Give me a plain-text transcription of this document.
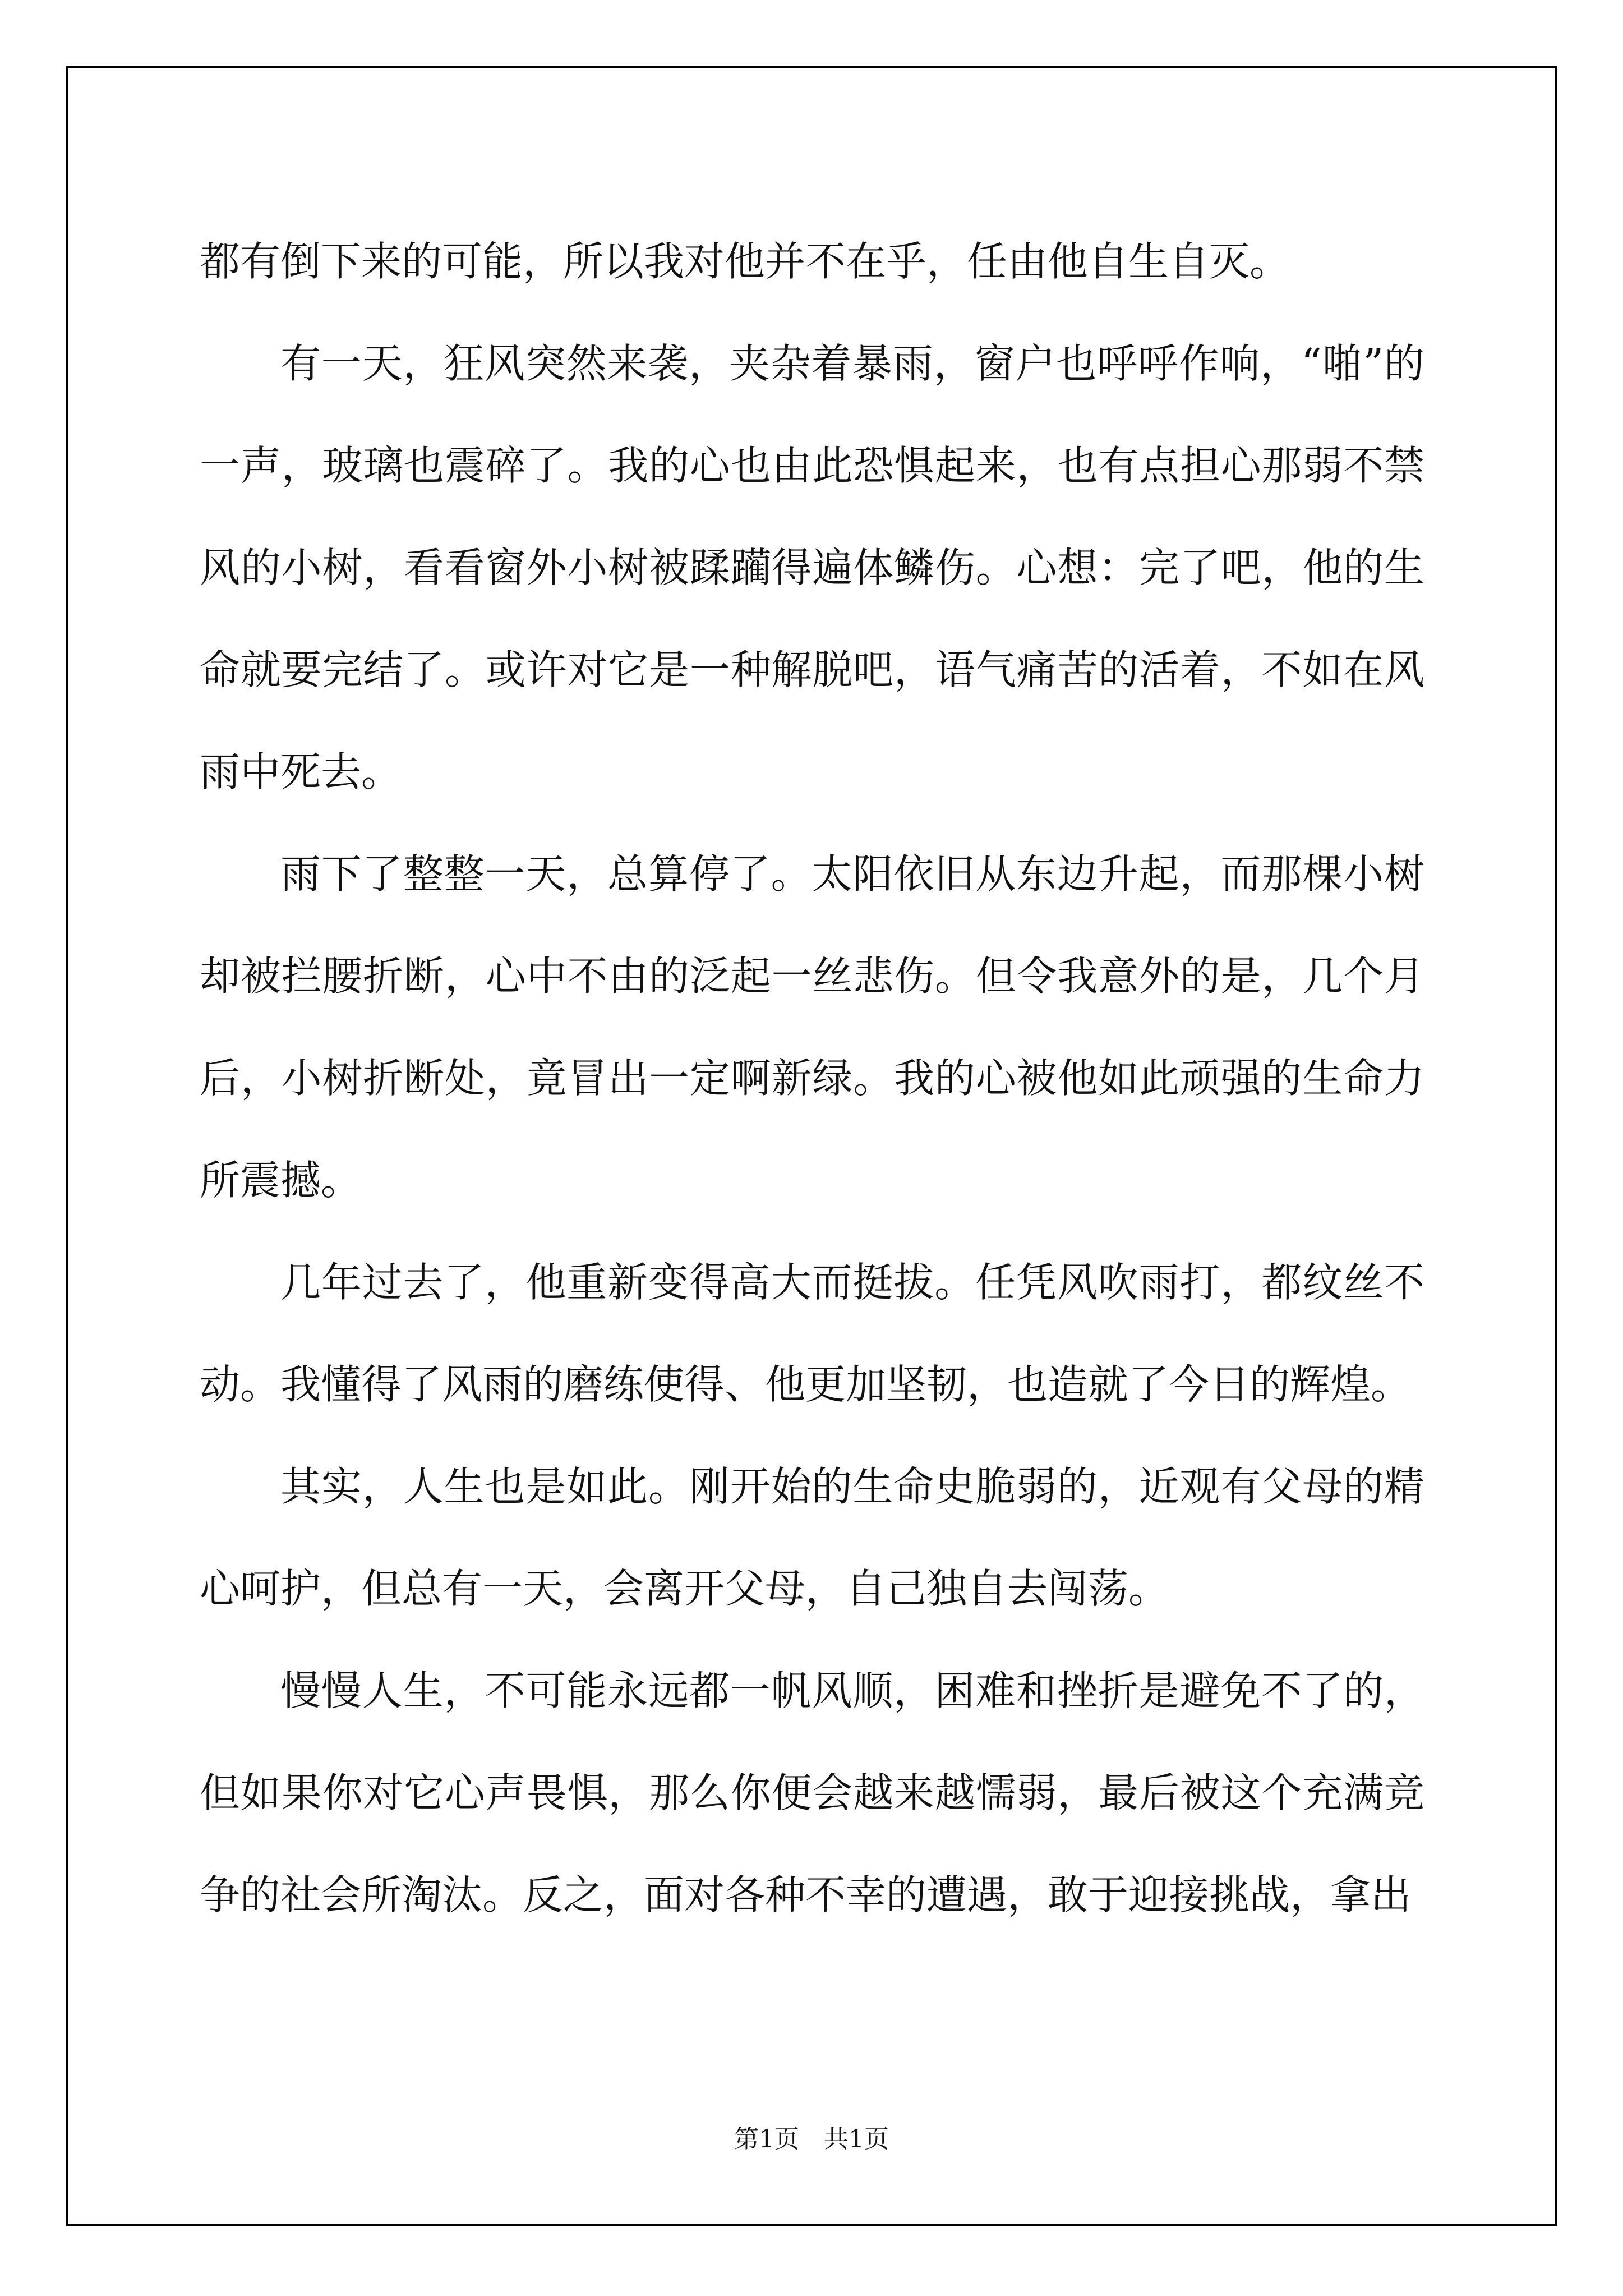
都有倒下来的可能，所以我对他并不在乎，任由他自生自灭。

有一天，狂风突然来袭，夹杂着暴雨，窗户也呼呼作响，“啪”的一声，玻璃也震碎了。我的心也由此恐惧起来，也有点担心那弱不禁风的小树，看看窗外小树被蹂躏得遍体鳞伤。心想：完了吧，他的生命就要完结了。或许对它是一种解脱吧，语气痛苦的活着，不如在风雨中死去。

雨下了整整一天，总算停了。太阳依旧从东边升起，而那棵小树却被拦腰折断，心中不由的泛起一丝悲伤。但令我意外的是，几个月后，小树折断处，竟冒出一定啊新绿。我的心被他如此顽强的生命力所震撼。

几年过去了，他重新变得高大而挺拔。任凭风吹雨打，都纹丝不动。我懂得了风雨的磨练使得、他更加坚韧，也造就了今日的辉煌。

其实，人生也是如此。刚开始的生命史脆弱的，近观有父母的精心呵护，但总有一天，会离开父母，自己独自去闯荡。

慢慢人生，不可能永远都一帆风顺，困难和挫折是避免不了的，但如果你对它心声畏惧，那么你便会越来越懦弱，最后被这个充满竞争的社会所淘汰。反之，面对各种不幸的遭遇，敢于迎接挑战，拿出

第1页 共1页
